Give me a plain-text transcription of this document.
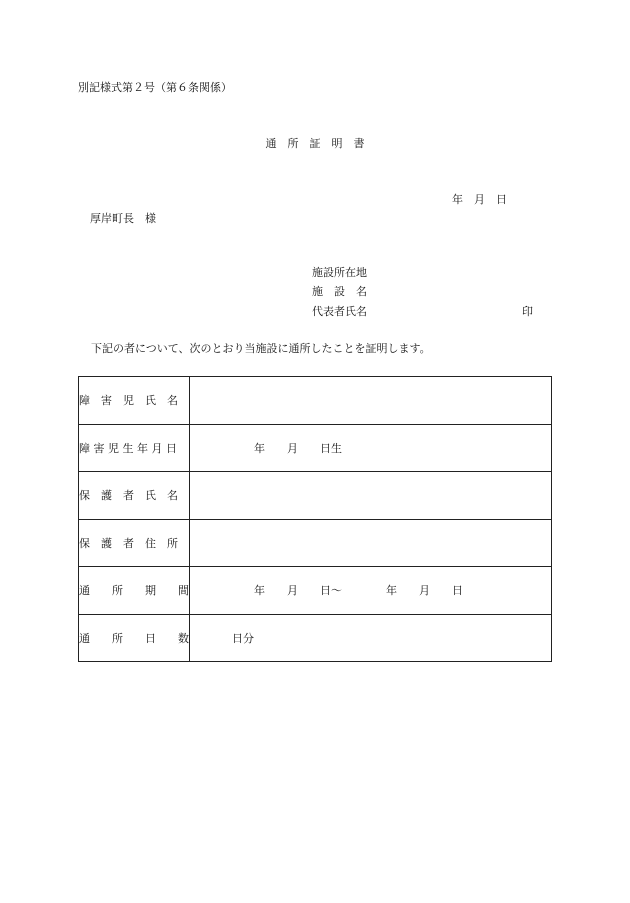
別記様式第２号（第６条関係）
通　所　証　明　書
年　月　日
厚岸町長　様
施設所在地
施　設　名
代表者氏名	印
下記の者について、次のとおり当施設に通所したことを証明します。
障　害　児　氏　名	
障 害 児 生 年 月 日	年　　月　　日生
保　護　者　氏　名	
保　護　者　住　所	
通　　所　　期　　間	年　　月　　日～　　　　年　　月　　日
通　　所　　日　　数	日分
